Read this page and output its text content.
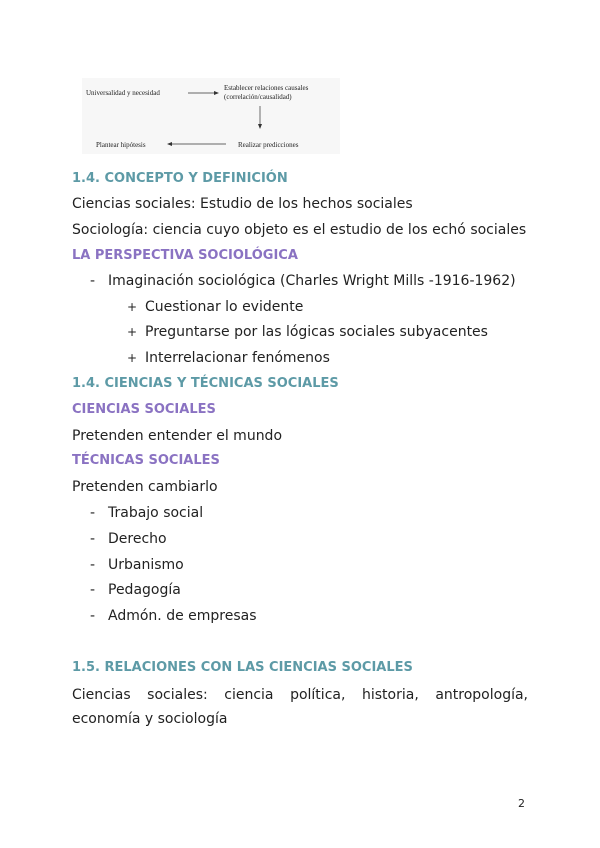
Universalidad y necesidad
Establecer relaciones causales
(correlación/causalidad)
Plantear hipótesis	Realizar predicciones
1.4. CONCEPTO Y DEFINICIÓN
Ciencias sociales: Estudio de los hechos sociales
Sociología: ciencia cuyo objeto es el estudio de los echó sociales
LA PERSPECTIVA SOCIOLÓGICA
- Imaginación sociológica (Charles Wright Mills -1916-1962)
+ Cuestionar lo evidente
+ Preguntarse por las lógicas sociales subyacentes
+ Interrelacionar fenómenos
1.4. CIENCIAS Y TÉCNICAS SOCIALES
CIENCIAS SOCIALES
Pretenden entender el mundo
TÉCNICAS SOCIALES
Pretenden cambiarlo
- Trabajo social
- Derecho
- Urbanismo
- Pedagogía
- Admón. de empresas
1.5. RELACIONES CON LAS CIENCIAS SOCIALES
Ciencias sociales: ciencia política, historia, antropología,
economía y sociología
2
